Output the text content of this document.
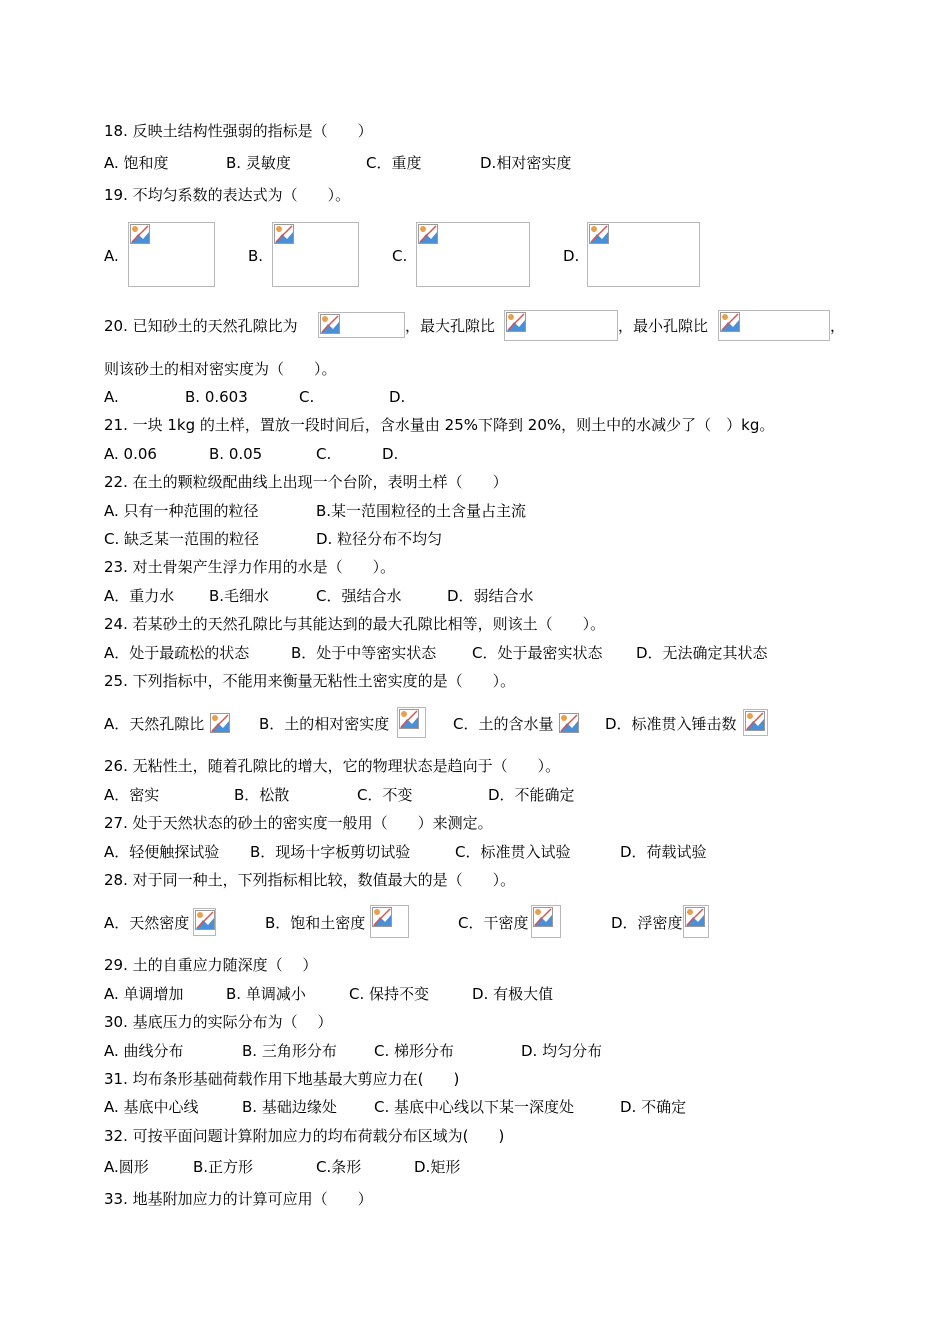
18. 反映土结构性强弱的指标是（　　）
A. 饱和度	B. 灵敏度	C．重度	D.相对密实度
19. 不均匀系数的表达式为（　　）。
A.	B.	C.	D.
20. 已知砂土的天然孔隙比为	，最大孔隙比	，最小孔隙比	，
则该砂土的相对密实度为（　　）。
A.	B. 0.603	C.	D.
21. 一块 1kg 的土样，置放一段时间后，含水量由 25%下降到 20%，则土中的水减少了（　）kg。
A. 0.06	B. 0.05	C.	D.
22. 在土的颗粒级配曲线上出现一个台阶，表明土样（　　）
A. 只有一种范围的粒径	B.某一范围粒径的土含量占主流
C. 缺乏某一范围的粒径	D. 粒径分布不均匀
23. 对土骨架产生浮力作用的水是（　　）。
A．重力水 B.毛细水	C．强结合水	D．弱结合水
24. 若某砂土的天然孔隙比与其能达到的最大孔隙比相等，则该土（　　）。
A．处于最疏松的状态	B．处于中等密实状态 C．处于最密实状态 D．无法确定其状态
25. 下列指标中，不能用来衡量无粘性土密实度的是（　　）。
A．天然孔隙比	B．土的相对密实度	C．土的含水量	D．标准贯入锤击数
26. 无粘性土，随着孔隙比的增大，它的物理状态是趋向于（　　）。
A．密实	B．松散	C．不变	D．不能确定
27. 处于天然状态的砂土的密实度一般用（　　）来测定。
A．轻便触探试验 B．现场十字板剪切试验	C．标准贯入试验	D．荷载试验
28. 对于同一种土，下列指标相比较，数值最大的是（　　）。
A．天然密度	B．饱和土密度	C．干密度	D．浮密度
29. 土的自重应力随深度（　 ）
A. 单调增加	B. 单调减小	C. 保持不变	D. 有极大值
30. 基底压力的实际分布为（　 ）
A. 曲线分布	B. 三角形分布 C. 梯形分布	D. 均匀分布
31. 均布条形基础荷载作用下地基最大剪应力在(　　)
A. 基底中心线	B. 基础边缘处 C. 基底中心线以下某一深度处	D. 不确定
32. 可按平面问题计算附加应力的均布荷载分布区域为(　　)
A.圆形	B.正方形	C.条形	D.矩形
33. 地基附加应力的计算可应用（　　）
